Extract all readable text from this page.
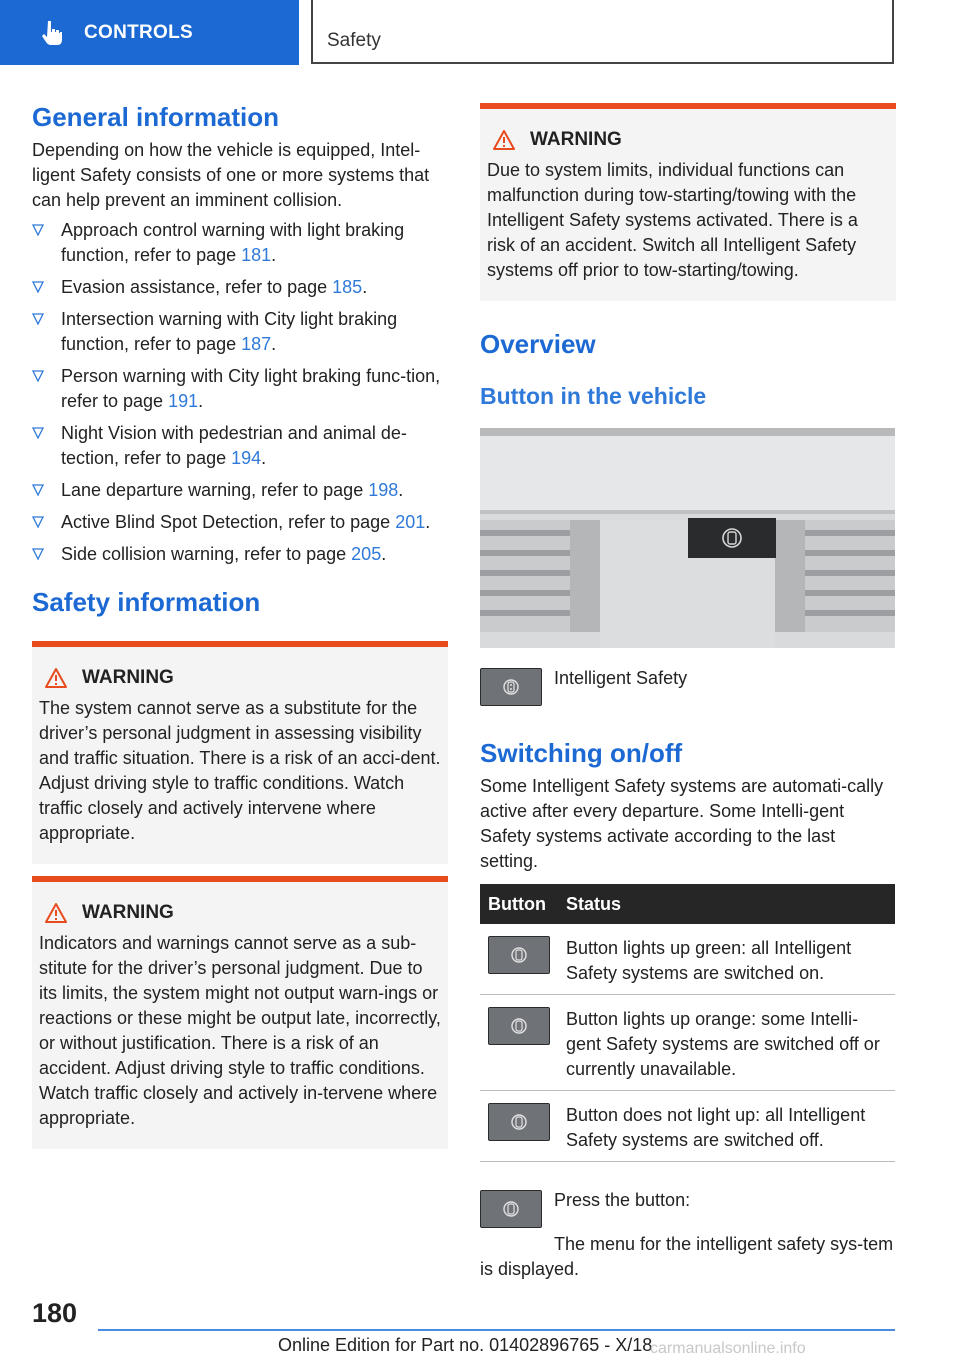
CONTROLS	Safety
General information

Depending on how the vehicle is equipped, Intel-ligent Safety consists of one or more systems that can help prevent an imminent collision.

Approach control warning with light braking function, refer to page 181.
Evasion assistance, refer to page 185.
Intersection warning with City light braking function, refer to page 187.
Person warning with City light braking func-tion, refer to page 191.
Night Vision with pedestrian and animal de-tection, refer to page 194.
Lane departure warning, refer to page 198.
Active Blind Spot Detection, refer to page 201.
Side collision warning, refer to page 205.
Safety information
WARNING

The system cannot serve as a substitute for the driver’s personal judgment in assessing visibility and traffic situation. There is a risk of an acci-dent. Adjust driving style to traffic conditions. Watch traffic closely and actively intervene where appropriate.

WARNING

Indicators and warnings cannot serve as a sub-stitute for the driver’s personal judgment. Due to its limits, the system might not output warn-ings or reactions or these might be output late, incorrectly, or without justification. There is a risk of an accident. Adjust driving style to traffic conditions. Watch traffic closely and actively in-tervene where appropriate.

WARNING

Due to system limits, individual functions can malfunction during tow-starting/towing with the Intelligent Safety systems activated. There is a risk of an accident. Switch all Intelligent Safety systems off prior to tow-starting/towing.

Overview
Button in the vehicle

Intelligent Safety

Switching on/off

Some Intelligent Safety systems are automati-cally active after every departure. Some Intelli-gent Safety systems activate according to the last setting.

Button	Status

	Button lights up green: all Intelligent Safety systems are switched on.

	Button lights up orange: some Intelli-gent Safety systems are switched off or currently unavailable.

	Button does not light up: all Intelligent Safety systems are switched off.

Press the button:

The menu for the intelligent safety sys-tem is displayed.

180
Online Edition for Part no. 01402896765 - X/18
carmanualsonline.info
